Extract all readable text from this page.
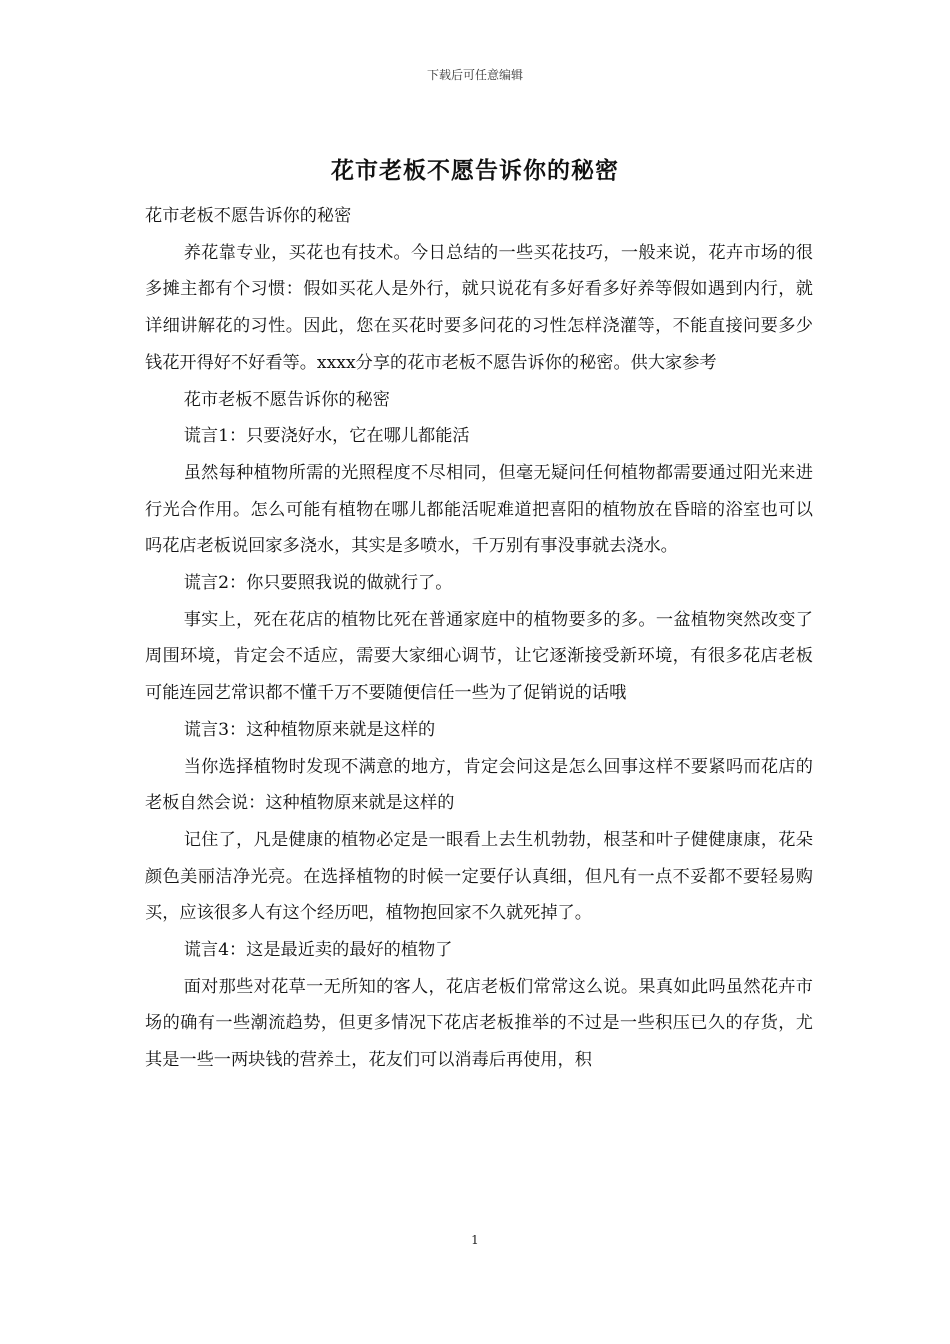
下载后可任意编辑
花市老板不愿告诉你的秘密

花市老板不愿告诉你的秘密

养花靠专业，买花也有技术。今日总结的一些买花技巧，一般来说，花卉市场的很多摊主都有个习惯：假如买花人是外行，就只说花有多好看多好养等假如遇到内行，就详细讲解花的习性。因此，您在买花时要多问花的习性怎样浇灌等，不能直接问要多少钱花开得好不好看等。xxxx分享的花市老板不愿告诉你的秘密。供大家参考

花市老板不愿告诉你的秘密

谎言1：只要浇好水，它在哪儿都能活

虽然每种植物所需的光照程度不尽相同，但毫无疑问任何植物都需要通过阳光来进行光合作用。怎么可能有植物在哪儿都能活呢难道把喜阳的植物放在昏暗的浴室也可以吗花店老板说回家多浇水，其实是多喷水，千万别有事没事就去浇水。

谎言2：你只要照我说的做就行了。

事实上，死在花店的植物比死在普通家庭中的植物要多的多。一盆植物突然改变了周围环境，肯定会不适应，需要大家细心调节，让它逐渐接受新环境，有很多花店老板可能连园艺常识都不懂千万不要随便信任一些为了促销说的话哦

谎言3：这种植物原来就是这样的

当你选择植物时发现不满意的地方，肯定会问这是怎么回事这样不要紧吗而花店的老板自然会说：这种植物原来就是这样的

记住了，凡是健康的植物必定是一眼看上去生机勃勃，根茎和叶子健健康康，花朵颜色美丽洁净光亮。在选择植物的时候一定要仔认真细，但凡有一点不妥都不要轻易购买，应该很多人有这个经历吧，植物抱回家不久就死掉了。

谎言4：这是最近卖的最好的植物了

面对那些对花草一无所知的客人，花店老板们常常这么说。果真如此吗虽然花卉市场的确有一些潮流趋势，但更多情况下花店老板推举的不过是一些积压已久的存货，尤其是一些一两块钱的营养土，花友们可以消毒后再使用，积

1
